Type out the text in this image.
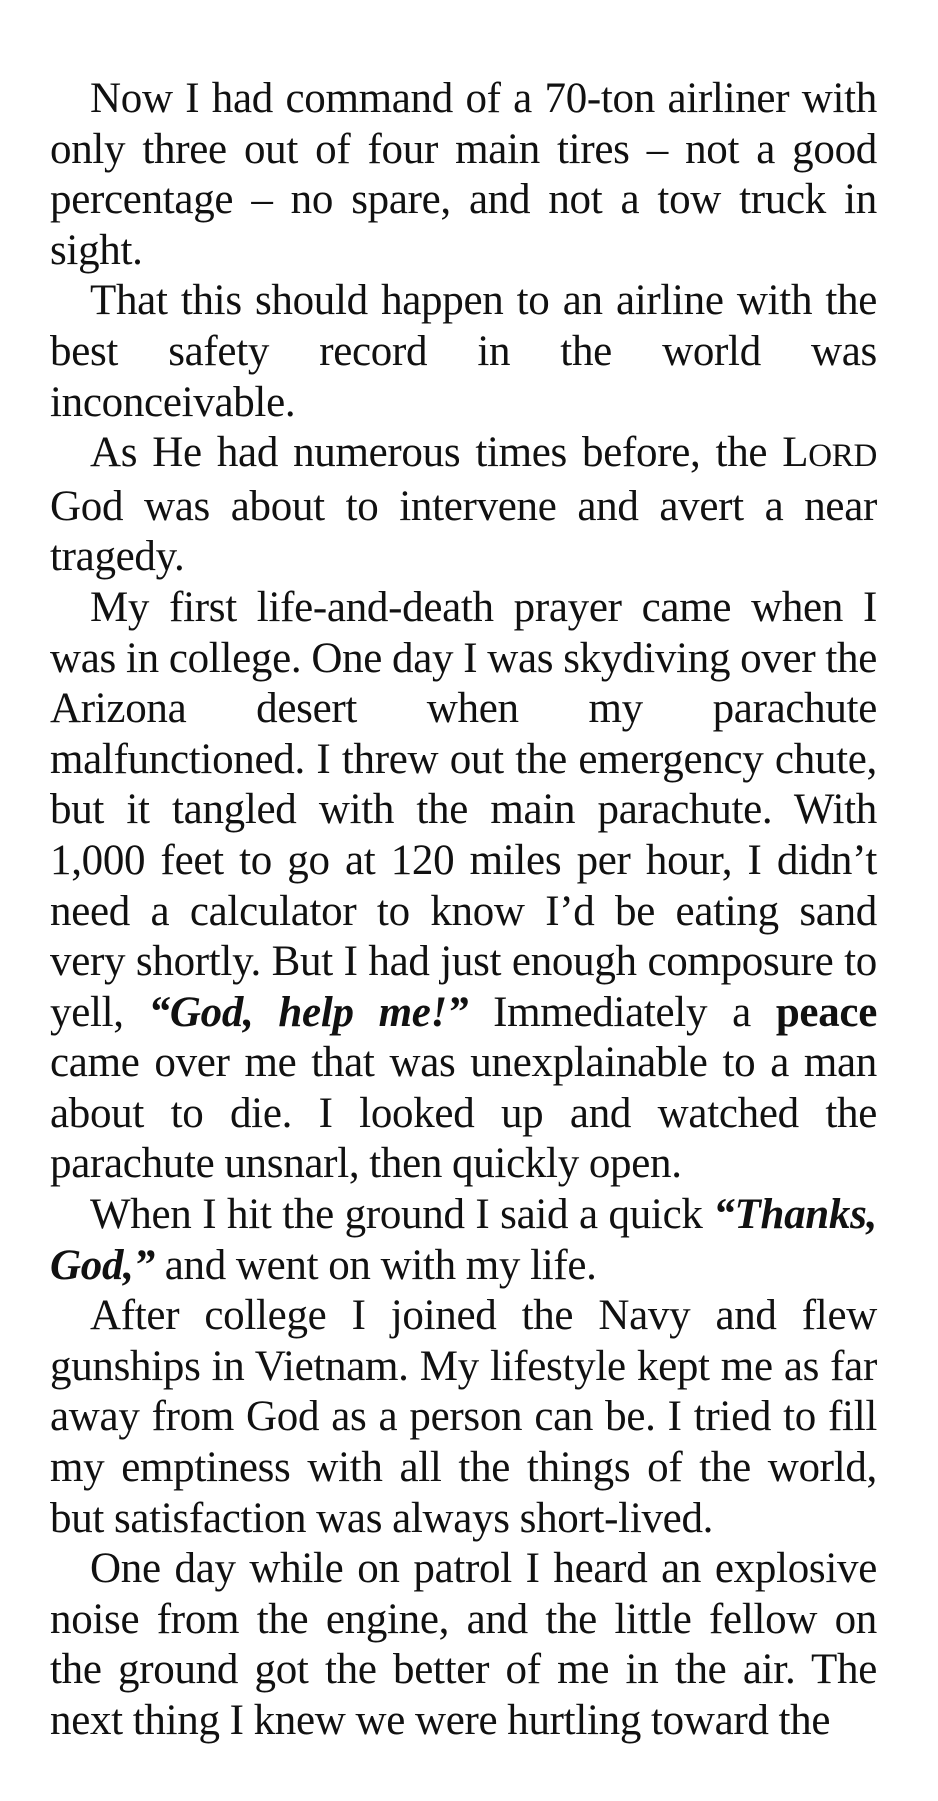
Now I had command of a 70-ton airliner with only three out of four main tires – not a good percentage – no spare, and not a tow truck in sight.

That this should happen to an airline with the best safety record in the world was inconceivable.

As He had numerous times before, the LORD God was about to intervene and avert a near tragedy.

My first life-and-death prayer came when I was in college. One day I was skydiving over the Arizona desert when my parachute malfunctioned. I threw out the emergency chute, but it tangled with the main parachute. With 1,000 feet to go at 120 miles per hour, I didn’t need a calculator to know I’d be eating sand very shortly. But I had just enough composure to yell, “God, help me!” Immediately a peace came over me that was unexplainable to a man about to die. I looked up and watched the parachute unsnarl, then quickly open.

When I hit the ground I said a quick “Thanks, God,” and went on with my life.

After college I joined the Navy and flew gunships in Vietnam. My lifestyle kept me as far away from God as a person can be. I tried to fill my emptiness with all the things of the world, but satisfaction was always short-lived.

One day while on patrol I heard an explosive noise from the engine, and the little fellow on the ground got the better of me in the air. The next thing I knew we were hurtling toward the
